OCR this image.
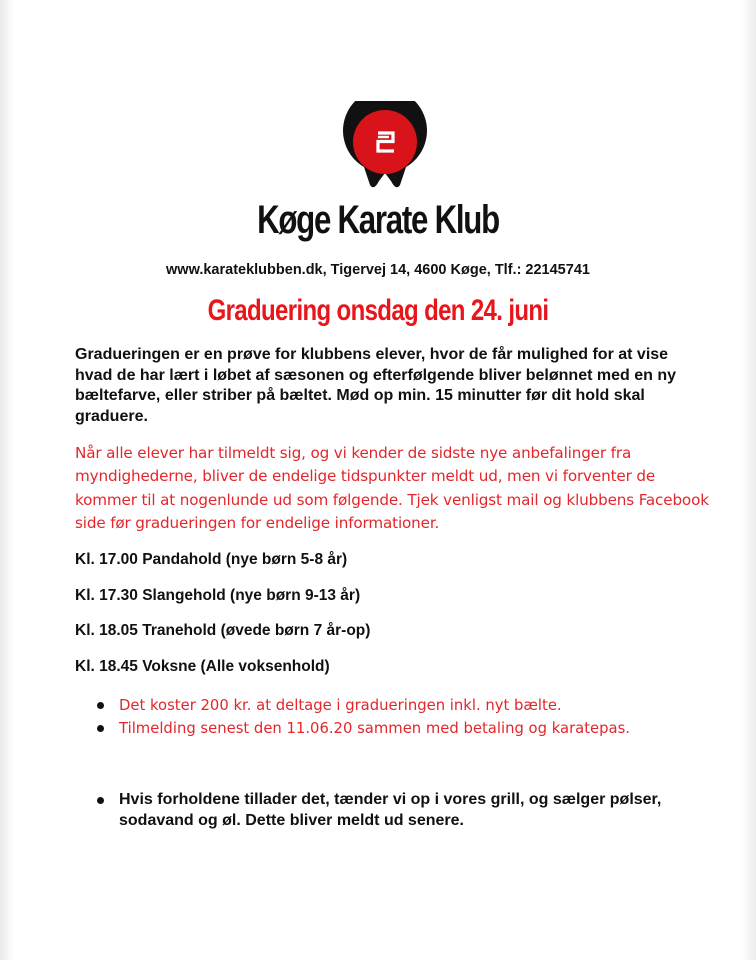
Køge Karate Klub
www.karateklubben.dk, Tigervej 14, 4600 Køge, Tlf.: 22145741
Graduering onsdag den 24. juni
Gradueringen er en prøve for klubbens elever, hvor de får mulighed for at vise hvad de har lært i løbet af sæsonen og efterfølgende bliver belønnet med en ny bæltefarve, eller striber på bæltet. Mød op min. 15 minutter før dit hold skal graduere.
Når alle elever har tilmeldt sig, og vi kender de sidste nye anbefalinger fra myndighederne, bliver de endelige tidspunkter meldt ud, men vi forventer de kommer til at nogenlunde ud som følgende. Tjek venligst mail og klubbens Facebook side før gradueringen for endelige informationer.
Kl. 17.00 Pandahold (nye børn 5-8 år)
Kl. 17.30 Slangehold (nye børn 9-13 år)
Kl. 18.05 Tranehold (øvede børn 7 år-op)
Kl. 18.45 Voksne (Alle voksenhold)
Det koster 200 kr. at deltage i gradueringen inkl. nyt bælte.
Tilmelding senest den 11.06.20 sammen med betaling og karatepas.
Hvis forholdene tillader det, tænder vi op i vores grill, og sælger pølser, sodavand og øl. Dette bliver meldt ud senere.
